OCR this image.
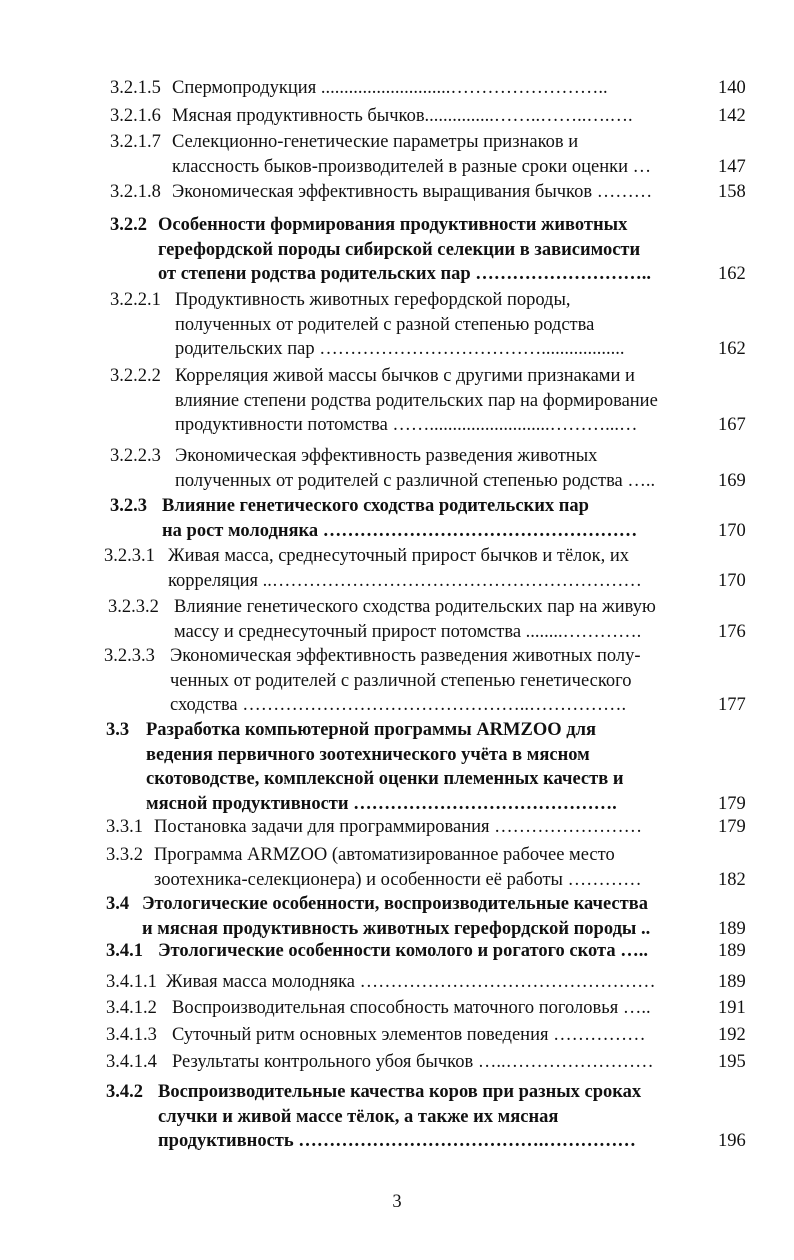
3.2.1.5 Спермопродукция ............................……………………..	140
3.2.1.6 Мясная продуктивность бычков...............……..……..….….	142
3.2.1.7 Селекционно-генетические параметры признаков и
классность быков-производителей в разные сроки оценки …	147
3.2.1.8 Экономическая эффективность выращивания бычков ………	158
3.2.2 Особенности формирования продуктивности животных
герефордской породы сибирской селекции в зависимости
от степени родства родительских пар ………………………..	162
3.2.2.1 Продуктивность животных герефордской породы,
полученных от родителей с разной степенью родства
родительских пар ………………………………..................	162
3.2.2.2 Корреляция живой массы бычков с другими признаками и
влияние степени родства родительских пар на формирование
продуктивности потомства ……..........................………...…	167
3.2.2.3 Экономическая эффективность разведения животных
полученных от родителей с различной степенью родства …..	169
3.2.3 Влияние генетического сходства родительских пар
на рост молодняка ……………………………………………	170
3.2.3.1 Живая масса, среднесуточный прирост бычков и тёлок, их
корреляция ..……………………………………………………	170
3.2.3.2 Влияние генетического сходства родительских пар на живую
массу и среднесуточный прирост потомства ........………….	176
3.2.3.3 Экономическая эффективность разведения животных полу-
ченных от родителей с различной степенью генетического
сходства ………………………………………..…………….	177
3.3 Разработка компьютерной программы ARMZOO для
ведения первичного зоотехнического учёта в мясном
скотоводстве, комплексной оценки племенных качеств и
мясной продуктивности …………………………………….	179
3.3.1 Постановка задачи для программирования ……………………	179
3.3.2 Программа ARMZOO (автоматизированное рабочее место
зоотехника-селекционера) и особенности её работы …………	182
3.4 Этологические особенности, воспроизводительные качества
и мясная продуктивность животных герефордской породы ..	189
3.4.1 Этологические особенности комолого и рогатого скота …..	189
3.4.1.1 Живая масса молодняка …………………………………………	189
3.4.1.2 Воспроизводительная способность маточного поголовья …..	191
3.4.1.3 Суточный ритм основных элементов поведения ……………	192
3.4.1.4 Результаты контрольного убоя бычков …..……………………	195
3.4.2 Воспроизводительные качества коров при разных сроках
случки и живой массе тёлок, а также их мясная
продуктивность ………………………………….……………	196
3
